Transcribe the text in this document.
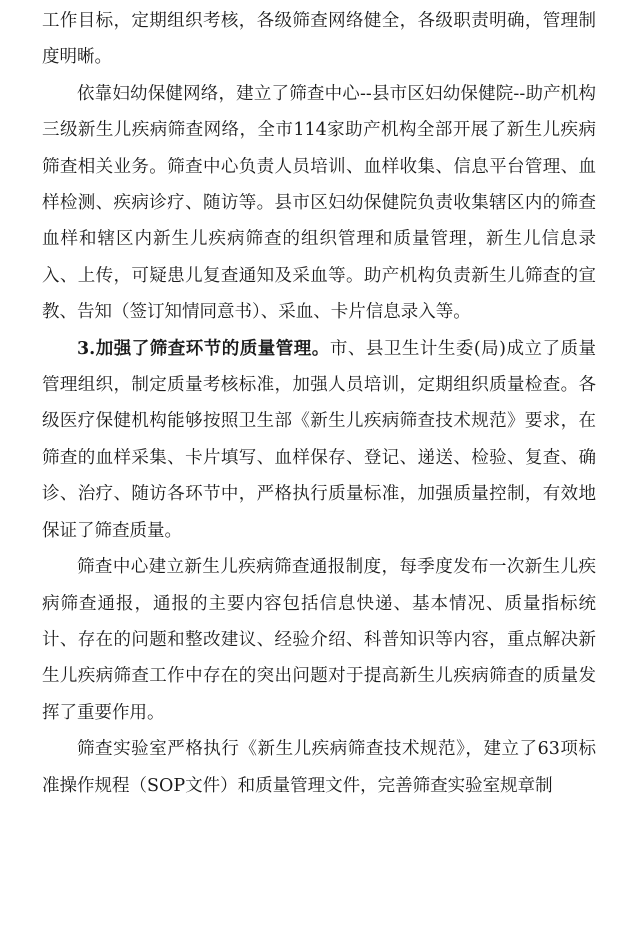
工作目标，定期组织考核，各级筛查网络健全，各级职责明确，管理制度明晰。

依靠妇幼保健网络，建立了筛查中心--县市区妇幼保健院--助产机构三级新生儿疾病筛查网络，全市114家助产机构全部开展了新生儿疾病筛查相关业务。筛查中心负责人员培训、血样收集、信息平台管理、血样检测、疾病诊疗、随访等。县市区妇幼保健院负责收集辖区内的筛查血样和辖区内新生儿疾病筛查的组织管理和质量管理，新生儿信息录入、上传，可疑患儿复查通知及采血等。助产机构负责新生儿筛查的宣教、告知（签订知情同意书）、采血、卡片信息录入等。

3.加强了筛查环节的质量管理。市、县卫生计生委(局)成立了质量管理组织，制定质量考核标准，加强人员培训，定期组织质量检查。各级医疗保健机构能够按照卫生部《新生儿疾病筛查技术规范》要求，在筛查的血样采集、卡片填写、血样保存、登记、递送、检验、复查、确诊、治疗、随访各环节中，严格执行质量标准，加强质量控制，有效地保证了筛查质量。

筛查中心建立新生儿疾病筛查通报制度，每季度发布一次新生儿疾病筛查通报，通报的主要内容包括信息快递、基本情况、质量指标统计、存在的问题和整改建议、经验介绍、科普知识等内容，重点解决新生儿疾病筛查工作中存在的突出问题对于提高新生儿疾病筛查的质量发挥了重要作用。

筛查实验室严格执行《新生儿疾病筛查技术规范》，建立了63项标准操作规程（SOP文件）和质量管理文件，完善筛查实验室规章制
